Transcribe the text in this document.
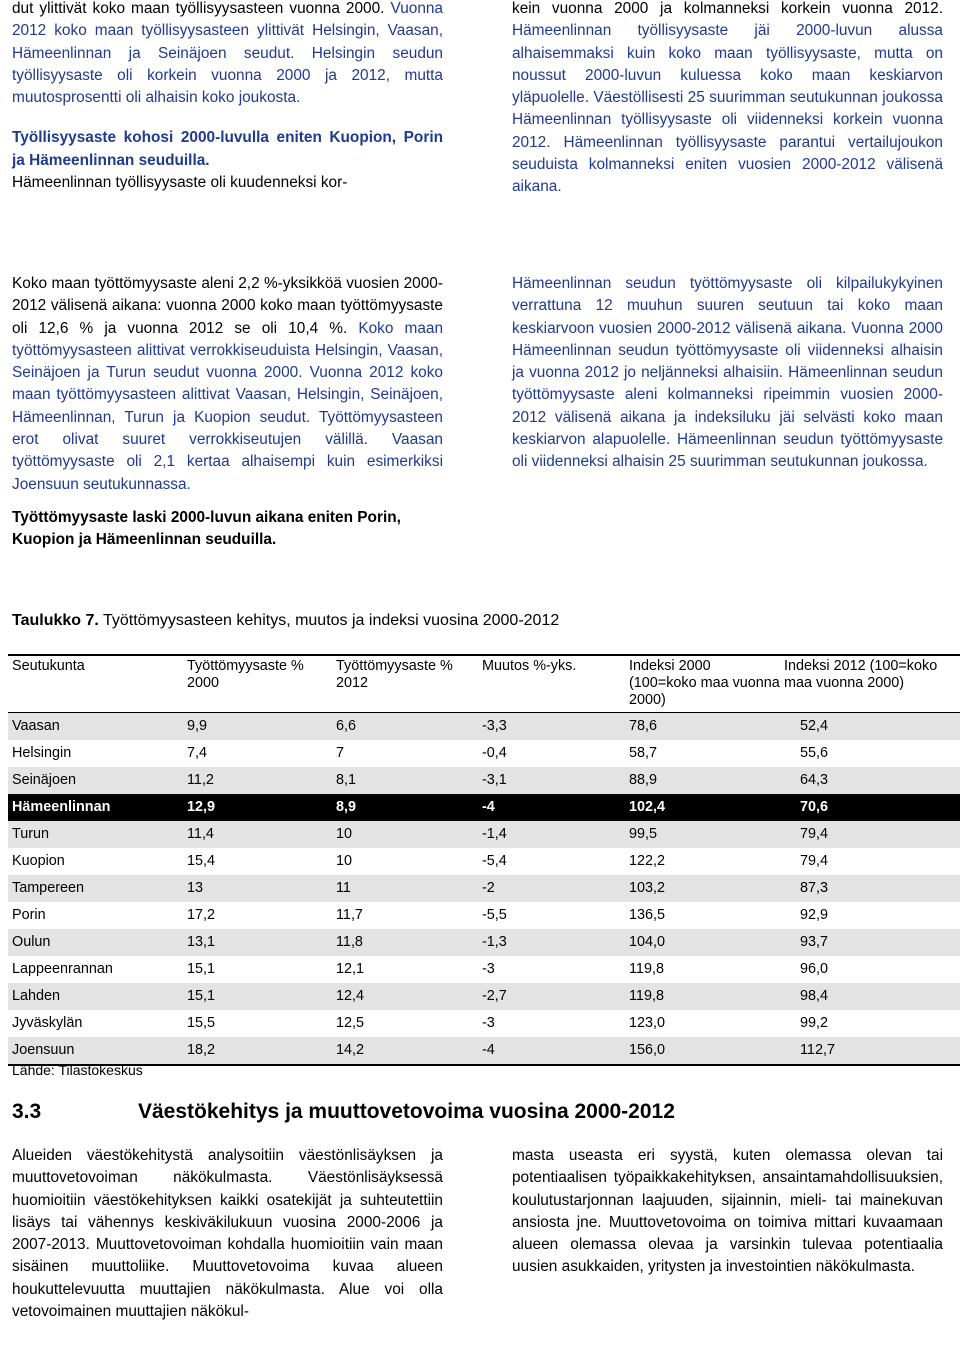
dut ylittivät koko maan työllisyysasteen vuonna 2000. Vuonna 2012 koko maan työllisyysasteen ylittivät Helsingin, Vaasan, Hämeenlinnan ja Seinäjoen seudut. Helsingin seudun työllisyysaste oli korkein vuonna 2000 ja 2012, mutta muutosprosentti oli alhaisin koko joukosta.

Työllisyysaste kohosi 2000-luvulla eniten Kuopion, Porin ja Hämeenlinnan seuduilla.

Hämeenlinnan työllisyysaste oli kuudenneksi kor-

kein vuonna 2000 ja kolmanneksi korkein vuonna 2012. Hämeenlinnan työllisyysaste jäi 2000-luvun alussa alhaisemmaksi kuin koko maan työllisyysaste, mutta on noussut 2000-luvun kuluessa koko maan keskiarvon yläpuolelle. Väestöllisesti 25 suurimman seutukunnan joukossa Hämeenlinnan työllisyysaste oli viidenneksi korkein vuonna 2012. Hämeenlinnan työllisyysaste parantui vertailujoukon seuduista kolmanneksi eniten vuosien 2000-2012 välisenä aikana.

Koko maan työttömyysaste aleni 2,2 %-yksikköä vuosien 2000-2012 välisenä aikana: vuonna 2000 koko maan työttömyysaste oli 12,6 % ja vuonna 2012 se oli 10,4 %. Koko maan työttömyysasteen alittivat verrokkiseuduista Helsingin, Vaasan, Seinäjoen ja Turun seudut vuonna 2000. Vuonna 2012 koko maan työttömyysasteen alittivat Vaasan, Helsingin, Seinäjoen, Hämeenlinnan, Turun ja Kuopion seudut. Työttömyysasteen erot olivat suuret verrokkiseutujen välillä. Vaasan työttömyysaste oli 2,1 kertaa alhaisempi kuin esimerkiksi Joensuun seutukunnassa.

Työttömyysaste laski 2000-luvun aikana eniten Porin, Kuopion ja Hämeenlinnan seuduilla.

Hämeenlinnan seudun työttömyysaste oli kilpailukykyinen verrattuna 12 muuhun suuren seutuun tai koko maan keskiarvoon vuosien 2000-2012 välisenä aikana. Vuonna 2000 Hämeenlinnan seudun työttömyysaste oli viidenneksi alhaisin ja vuonna 2012 jo neljänneksi alhaisiin. Hämeenlinnan seudun työttömyysaste aleni kolmanneksi ripeimmin vuosien 2000-2012 välisenä aikana ja indeksiluku jäi selvästi koko maan keskiarvon alapuolelle. Hämeenlinnan seudun työttömyysaste oli viidenneksi alhaisin 25 suurimman seutukunnan joukossa.

Taulukko 7. Työttömyysasteen kehitys, muutos ja indeksi vuosina 2000-2012
Seutukunta	Työttömyysaste % 2000	Työttömyysaste % 2012	Muutos %-yks.	Indeksi 2000 (100=koko maa vuonna 2000)	Indeksi 2012 (100=koko maa vuonna 2000)
Vaasan	9,9	6,6	-3,3	78,6	52,4
Helsingin	7,4	7	-0,4	58,7	55,6
Seinäjoen	11,2	8,1	-3,1	88,9	64,3
Hämeenlinnan	12,9	8,9	-4	102,4	70,6
Turun	11,4	10	-1,4	99,5	79,4
Kuopion	15,4	10	-5,4	122,2	79,4
Tampereen	13	11	-2	103,2	87,3
Porin	17,2	11,7	-5,5	136,5	92,9
Oulun	13,1	11,8	-1,3	104,0	93,7
Lappeenrannan	15,1	12,1	-3	119,8	96,0
Lahden	15,1	12,4	-2,7	119,8	98,4
Jyväskylän	15,5	12,5	-3	123,0	99,2
Joensuun	18,2	14,2	-4	156,0	112,7
Lähde: Tilastokeskus
3.3	Väestökehitys ja muuttovetovoima vuosina 2000-2012

Alueiden väestökehitystä analysoitiin väestönlisäyksen ja muuttovetovoiman näkökulmasta. Väestönlisäyksessä huomioitiin väestökehityksen kaikki osatekijät ja suhteutettiin lisäys tai vähennys keskiväkilukuun vuosina 2000-2006 ja 2007-2013. Muuttovetovoiman kohdalla huomioitiin vain maan sisäinen muuttoliike. Muuttovetovoima kuvaa alueen houkuttelevuutta muuttajien näkökulmasta. Alue voi olla vetovoimainen muuttajien näkökul-

masta useasta eri syystä, kuten olemassa olevan tai potentiaalisen työpaikkakehityksen, ansaintamahdollisuuksien, koulutustarjonnan laajuuden, sijainnin, mieli- tai mainekuvan ansiosta jne. Muuttovetovoima on toimiva mittari kuvaamaan alueen olemassa olevaa ja varsinkin tulevaa potentiaalia uusien asukkaiden, yritysten ja investointien näkökulmasta.
